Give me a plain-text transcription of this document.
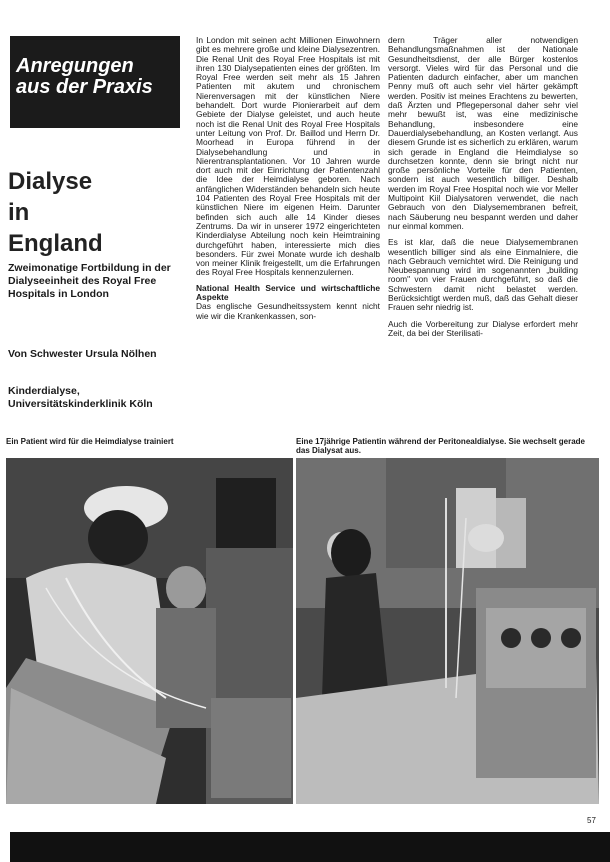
Anregungen
aus der Praxis
Dialyse
in
England
Zweimonatige Fortbildung in der Dialyseeinheit des Royal Free Hospitals in London
Von Schwester Ursula Nölhen
Kinderdialyse, Universitätskinderklinik Köln

In London mit seinen acht Millionen Einwohnern gibt es mehrere große und kleine Dialysezentren. Die Renal Unit des Royal Free Hospitals ist mit ihren 130 Dialysepatienten eines der größten. Im Royal Free werden seit mehr als 15 Jahren Patienten mit akutem und chronischem Nierenversagen mit der künstlichen Niere behandelt. Dort wurde Pionierarbeit auf dem Gebiete der Dialyse geleistet, und auch heute noch ist die Renal Unit des Royal Free Hospitals unter Leitung von Prof. Dr. Baillod und Herrn Dr. Moorhead in Europa führend in der Dialysebehandlung und in Nierentransplantationen. Vor 10 Jahren wurde dort auch mit der Einrichtung der Patientenzahl die Idee der Heimdialyse geboren. Nach anfänglichen Widerständen behandeln sich heute 104 Patienten des Royal Free Hospitals mit der künstlichen Niere im eigenen Heim. Darunter befinden sich auch alle 14 Kinder dieses Zentrums. Da wir in unserer 1972 eingerichteten Kinderdialyse Abteilung noch kein Heimtraining durchgeführt haben, interessierte mich dies besonders. Für zwei Monate wurde ich deshalb von meiner Klinik freigestellt, um die Erfahrungen des Royal Free Hospitals kennenzulernen.

National Health Service und wirtschaftliche Aspekte

Das englische Gesundheitssystem kennt nicht wie wir die Krankenkassen, son-

dern Träger aller notwendigen Behandlungsmaßnahmen ist der Nationale Gesundheitsdienst, der alle Bürger kostenlos versorgt. Vieles wird für das Personal und die Patienten dadurch einfacher, aber um manchen Penny muß oft auch sehr viel härter gekämpft werden. Positiv ist meines Erachtens zu bewerten, daß Ärzten und Pflegepersonal daher sehr viel mehr bewußt ist, was eine medizinische Behandlung, insbesondere eine Dauerdialysebehandlung, an Kosten verlangt. Aus diesem Grunde ist es sicherlich zu erklären, warum sich gerade in England die Heimdialyse so durchsetzen konnte, denn sie bringt nicht nur große persönliche Vorteile für den Patienten, sondern ist auch wesentlich billiger. Deshalb werden im Royal Free Hospital noch wie vor Meller Multipoint Kiil Dialysatoren verwendet, die nach Gebrauch von den Dialysemembranen befreit, nach Säuberung neu bespannt werden und daher nur einmal kommen.

Es ist klar, daß die neue Dialysemembranen wesentlich billiger sind als eine Einmalniere, die nach Gebrauch vernichtet wird. Die Reinigung und Neubespannung wird im sogenannten „building room" von vier Frauen durchgeführt, so daß die Schwestern damit nicht belastet werden. Berücksichtigt werden muß, daß das Gehalt dieser Frauen sehr niedrig ist.

Auch die Vorbereitung zur Dialyse erfordert mehr Zeit, da bei der Sterilisati-

Ein Patient wird für die Heimdialyse trainiert	Eine 17jährige Patientin während der Peritonealdialyse. Sie wechselt gerade das Dialysat aus.
57
